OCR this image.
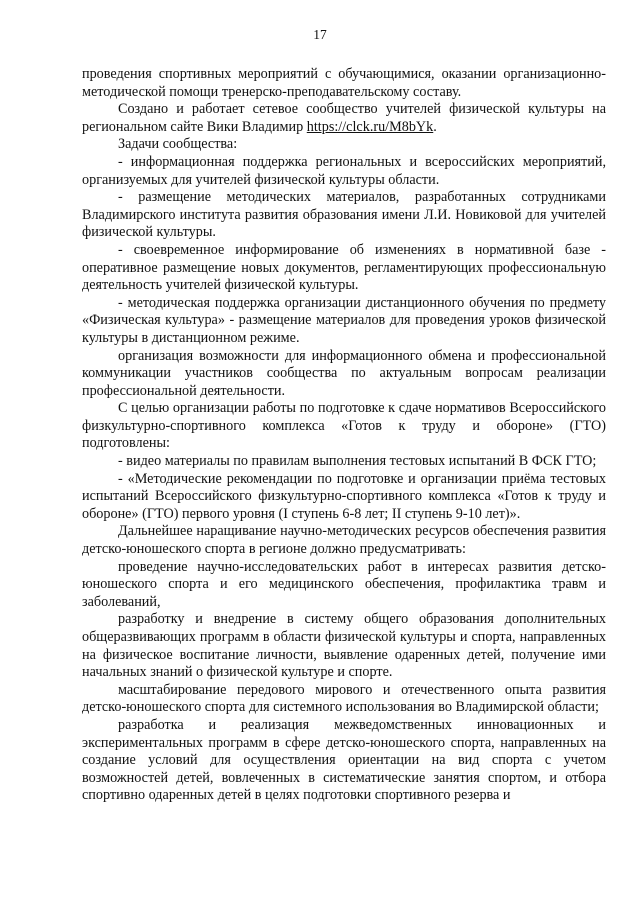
17

проведения спортивных мероприятий с обучающимися, оказании организационно-методической помощи тренерско-преподавательскому составу.

Создано и работает сетевое сообщество учителей физической культуры на региональном сайте Вики Владимир https://clck.ru/M8bYk.

Задачи сообщества:

- информационная поддержка региональных и всероссийских мероприятий, организуемых для учителей физической культуры области.

- размещение методических материалов, разработанных сотрудниками Владимирского института развития образования имени Л.И. Новиковой для учителей физической культуры.

- своевременное информирование об изменениях в нормативной базе - оперативное размещение новых документов, регламентирующих профессиональную деятельность учителей физической культуры.

- методическая поддержка организации дистанционного обучения по предмету «Физическая культура» - размещение материалов для проведения уроков физической культуры в дистанционном режиме.

организация возможности для информационного обмена и профессиональной коммуникации участников сообщества по актуальным вопросам реализации профессиональной деятельности.

С целью организации работы по подготовке к сдаче нормативов Всероссийского физкультурно-спортивного комплекса «Готов к труду и обороне» (ГТО) подготовлены:

- видео материалы по правилам выполнения тестовых испытаний В ФСК ГТО;

- «Методические рекомендации по подготовке и организации приёма тестовых испытаний Всероссийского физкультурно-спортивного комплекса «Готов к труду и обороне» (ГТО) первого уровня (I ступень 6-8 лет; II ступень 9-10 лет)».

Дальнейшее наращивание научно-методических ресурсов обеспечения развития детско-юношеского спорта в регионе должно предусматривать:

проведение научно-исследовательских работ в интересах развития детско-юношеского спорта и его медицинского обеспечения, профилактика травм и заболеваний,

разработку и внедрение в систему общего образования дополнительных общеразвивающих программ в области физической культуры и спорта, направленных на физическое воспитание личности, выявление одаренных детей, получение ими начальных знаний о физической культуре и спорте.

масштабирование передового мирового и отечественного опыта развития детско-юношеского спорта для системного использования во Владимирской области;

разработка и реализация межведомственных инновационных и экспериментальных программ в сфере детско-юношеского спорта, направленных на создание условий для осуществления ориентации на вид спорта с учетом возможностей детей, вовлеченных в систематические занятия спортом, и отбора спортивно одаренных детей в целях подготовки спортивного резерва и
